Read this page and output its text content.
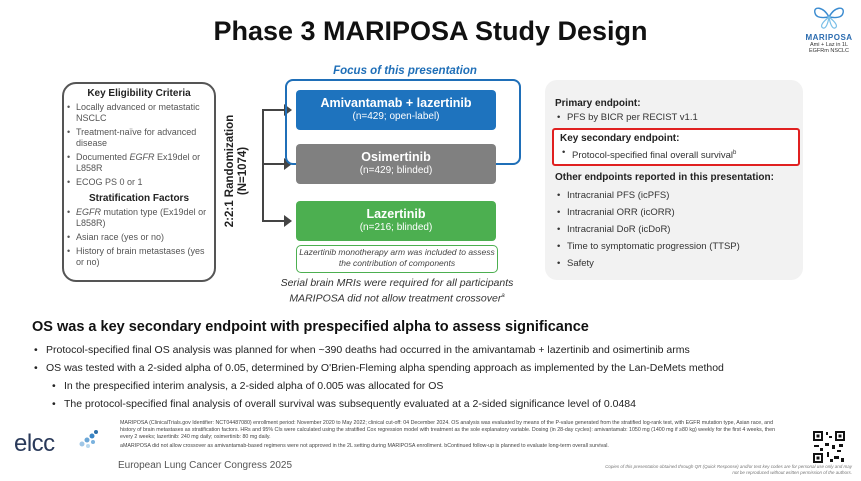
Phase 3 MARIPOSA Study Design	MARIPOSA
Ami + Laz in 1L
EGFRm NSCLC
Key Eligibility Criteria
• Locally advanced or metastatic NSCLC
• Treatment-naïve for advanced disease
• Documented EGFR Ex19del or L858R
• ECOG PS 0 or 1
Stratification Factors
• EGFR mutation type (Ex19del or L858R)
• Asian race (yes or no)
• History of brain metastases (yes or no)
2:2:1 Randomization (N=1074)
Focus of this presentation
Amivantamab + lazertinib
(n=429; open-label)
Osimertinib
(n=429; blinded)
Lazertinib
(n=216; blinded)
Lazertinib monotherapy arm was included to assess the contribution of components
Serial brain MRIs were required for all participants
MARIPOSA did not allow treatment crossover$^a$
Primary endpoint:
• PFS by BICR per RECIST v1.1
Other endpoints reported in this presentation:
• Intracranial PFS (icPFS)
• Intracranial ORR (icORR)
• Intracranial DoR (icDoR)
• Time to symptomatic progression (TTSP)
• Safety
Key secondary endpoint:
• Protocol-specified final overall survival$^b$
OS was a key secondary endpoint with prespecified alpha to assess significance
• Protocol-specified final OS analysis was planned for when ~390 deaths had occurred in the amivantamab + lazertinib and osimertinib arms
• OS was tested with a 2-sided alpha of 0.05, determined by O'Brien-Fleming alpha spending approach as implemented by the Lan-DeMets method
• In the prespecified interim analysis, a 2-sided alpha of 0.005 was allocated for OS
• The protocol-specified final analysis of overall survival was subsequently evaluated at a 2-sided significance level of 0.0484
MARIPOSA (ClinicalTrials.gov Identifier: NCT04487080) enrollment period: November 2020 to May 2022; clinical cut-off: 04 December 2024. OS analysis was evaluated by means of the P-value generated from the stratified log-rank test, with EGFR mutation type, Asian race, and history of brain metastases as stratification factors. HRs and 95% CIs were calculated using the stratified Cox regression model with treatment as the sole explanatory variable. Dosing (in 28-day cycles): amivantamab: 1050 mg (1400 mg if ≥80 kg) weekly for the first 4 weeks, then every 2 weeks; lazertinib: 240 mg daily; osimertinib: 80 mg daily.
aMARIPOSA did not allow crossover as amivantamab-based regimens were not approved in the 2L setting during MARIPOSA enrollment. bContinued follow-up is planned to evaluate long-term overall survival.
Copies of this presentation obtained through QR (Quick Response) and/or text key codes are for personal use only and may not be reproduced without written permission of the authors.
elcc
European Lung Cancer Congress 2025
